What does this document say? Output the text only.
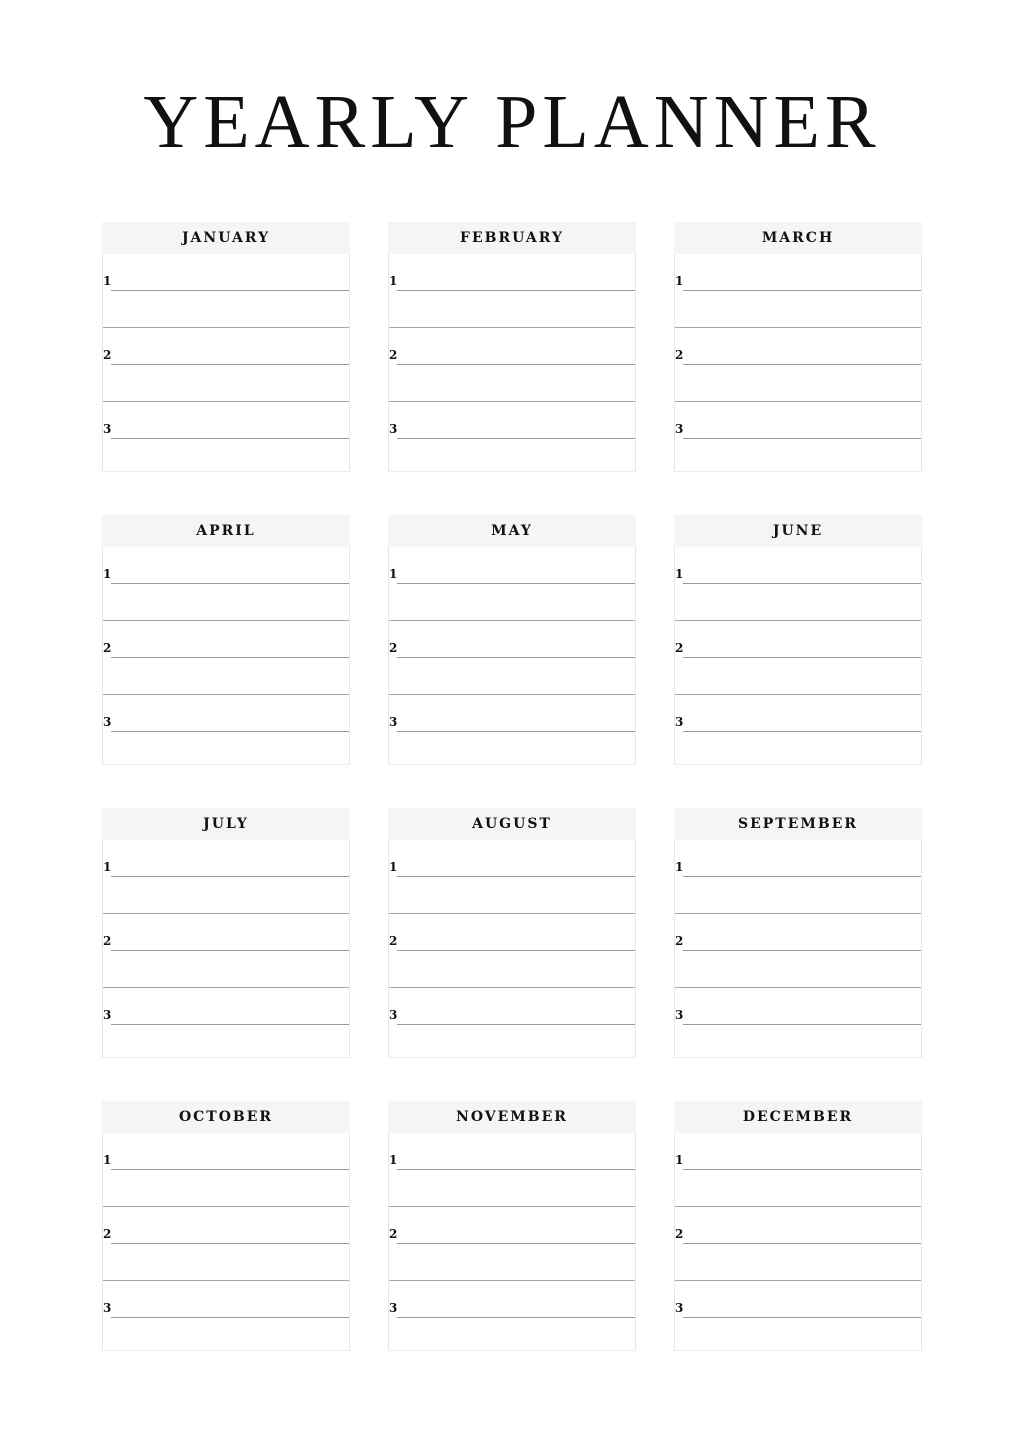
YEARLY PLANNER
JANUARY
1
2
3
FEBRUARY
1
2
3
MARCH
1
2
3
APRIL
1
2
3
MAY
1
2
3
JUNE
1
2
3
JULY
1
2
3
AUGUST
1
2
3
SEPTEMBER
1
2
3
OCTOBER
1
2
3
NOVEMBER
1
2
3
DECEMBER
1
2
3
